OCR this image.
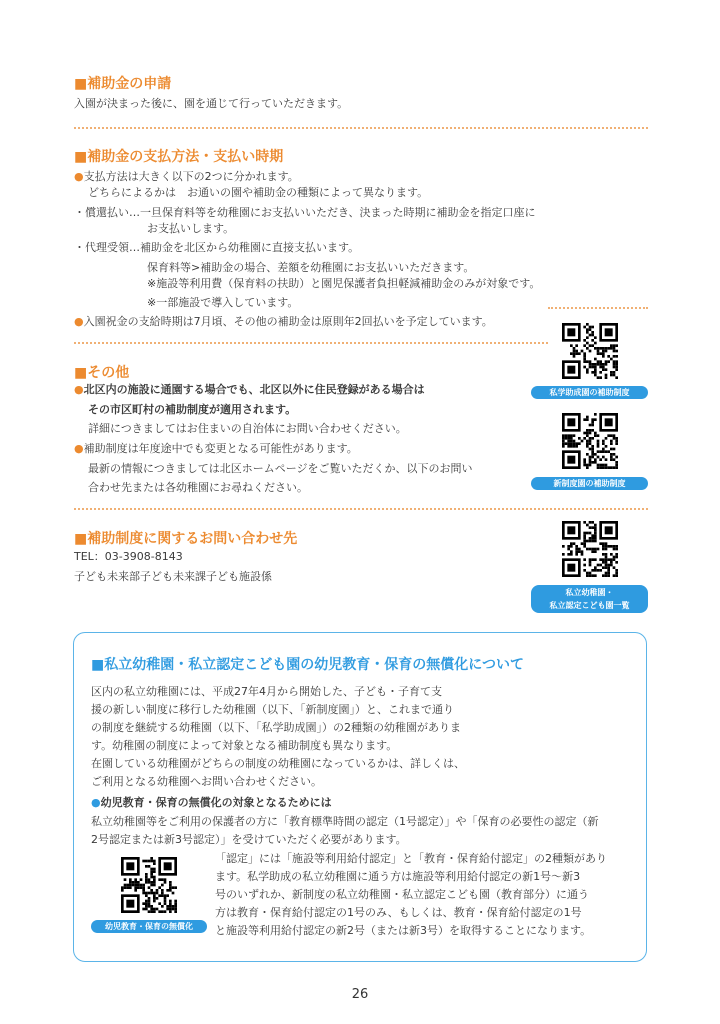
■補助金の申請
入園が決まった後に、園を通じて行っていただきます。
■補助金の支払方法・支払い時期
●支払方法は大きく以下の2つに分かれます。
どちらによるかは　お通いの園や補助金の種類によって異なります。
・償還払い…一旦保育料等を幼稚園にお支払いいただき、決まった時期に補助金を指定口座に
お支払いします。
・代理受領…補助金を北区から幼稚園に直接支払います。
保育料等>補助金の場合、差額を幼稚園にお支払いいただきます。
※施設等利用費（保育料の扶助）と園児保護者負担軽減補助金のみが対象です。
※一部施設で導入しています。
●入園祝金の支給時期は7月頃、その他の補助金は原則年2回払いを予定しています。
■その他
●北区内の施設に通園する場合でも、北区以外に住民登録がある場合は
その市区町村の補助制度が適用されます。
詳細につきましてはお住まいの自治体にお問い合わせください。
●補助制度は年度途中でも変更となる可能性があります。
最新の情報につきましては北区ホームページをご覧いただくか、以下のお問い
合わせ先または各幼稚園にお尋ねください。
■補助制度に関するお問い合わせ先
TEL：03-3908-8143
子ども未来部子ども未来課子ども施設係
私学助成園の補助制度
新制度園の補助制度
私立幼稚園・
私立認定こども園一覧
■私立幼稚園・私立認定こども園の幼児教育・保育の無償化について
区内の私立幼稚園には、平成27年4月から開始した、子ども・子育て支
援の新しい制度に移行した幼稚園（以下、「新制度園」）と、これまで通り
の制度を継続する幼稚園（以下、「私学助成園」）の2種類の幼稚園がありま
す。幼稚園の制度によって対象となる補助制度も異なります。
在園している幼稚園がどちらの制度の幼稚園になっているかは、詳しくは、
ご利用となる幼稚園へお問い合わせください。
●幼児教育・保育の無償化の対象となるためには
私立幼稚園等をご利用の保護者の方に「教育標準時間の認定（1号認定）」や「保育の必要性の認定（新
2号認定または新3号認定）」を受けていただく必要があります。
幼児教育・保育の無償化
「認定」には「施設等利用給付認定」と「教育・保育給付認定」の2種類があり
ます。私学助成の私立幼稚園に通う方は施設等利用給付認定の新1号～新3
号のいずれか、新制度の私立幼稚園・私立認定こども園（教育部分）に通う
方は教育・保育給付認定の1号のみ、もしくは、教育・保育給付認定の1号
と施設等利用給付認定の新2号（または新3号）を取得することになります。
26
